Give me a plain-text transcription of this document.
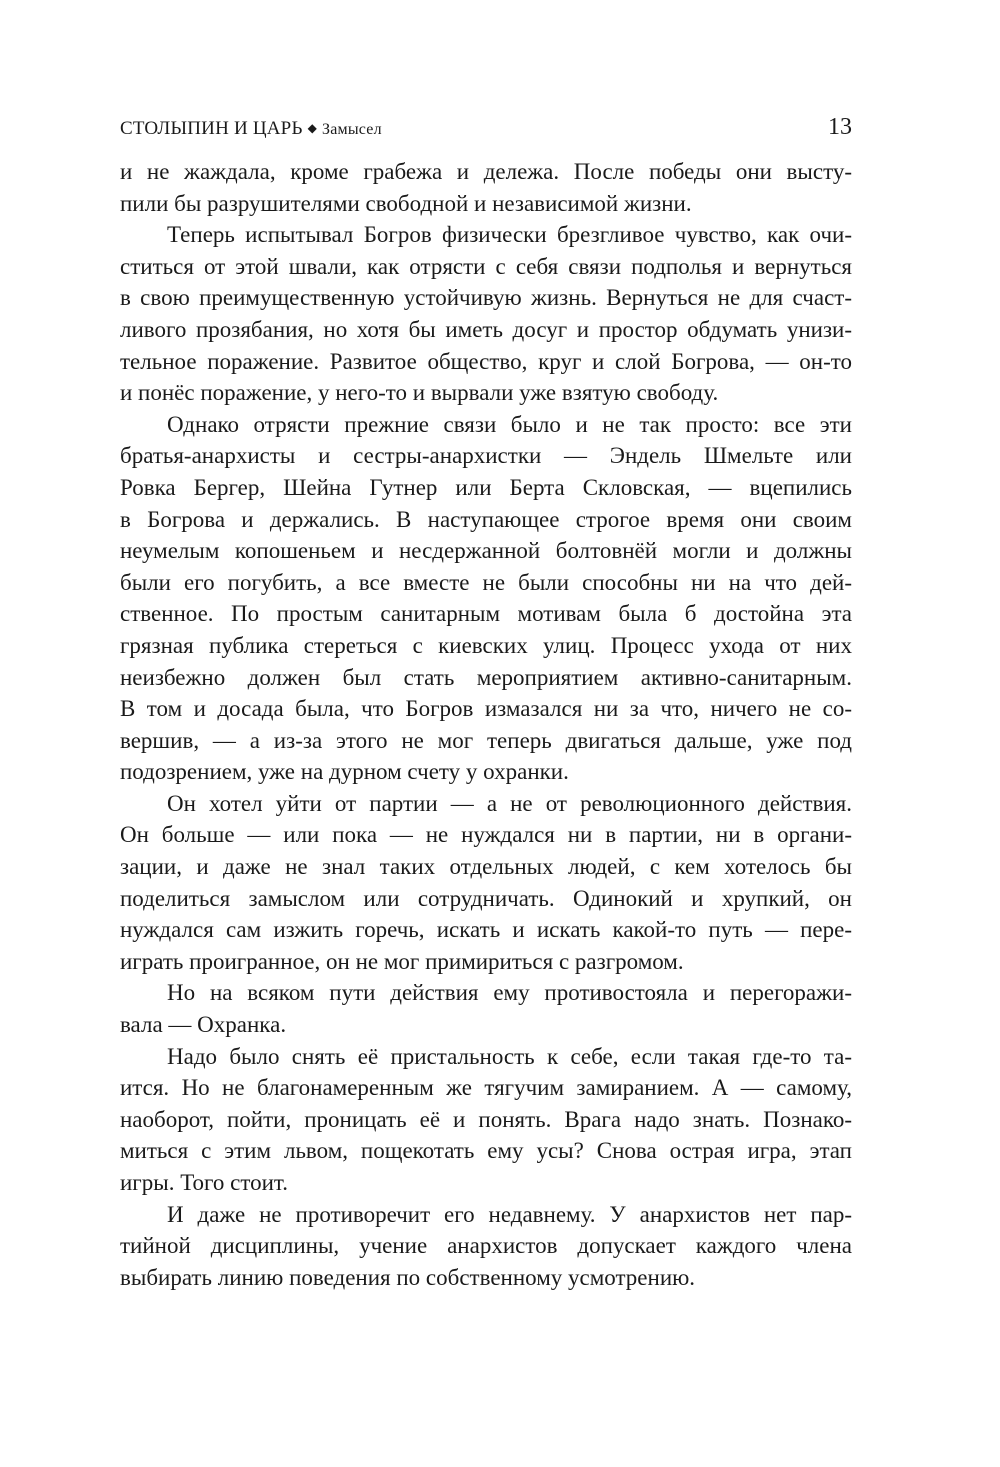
СТОЛЫПИН И ЦАРЬ ◆ Замысел	13
и не жаждала, кроме грабежа и дележа. После победы они высту-
пили бы разрушителями свободной и независимой жизни.
Теперь испытывал Богров физически брезгливое чувство, как очи-
ститься от этой швали, как отрясти с себя связи подполья и вернуться
в свою преимущественную устойчивую жизнь. Вернуться не для счаст-
ливого прозябания, но хотя бы иметь досуг и простор обдумать унизи-
тельное поражение. Развитое общество, круг и слой Богрова, — он-то
и понёс поражение, у него-то и вырвали уже взятую свободу.
Однако отрясти прежние связи было и не так просто: все эти
братья-анархисты и сестры-анархистки — Эндель Шмельте или
Ровка Бергер, Шейна Гутнер или Берта Скловская, — вцепились
в Богрова и держались. В наступающее строгое время они своим
неумелым копошеньем и несдержанной болтовнёй могли и должны
были его погубить, а все вместе не были способны ни на что дей-
ственное. По простым санитарным мотивам была б достойна эта
грязная публика стереться с киевских улиц. Процесс ухода от них
неизбежно должен был стать мероприятием активно-санитарным.
В том и досада была, что Богров измазался ни за что, ничего не со-
вершив, — а из-за этого не мог теперь двигаться дальше, уже под
подозрением, уже на дурном счету у охранки.
Он хотел уйти от партии — а не от революционного действия.
Он больше — или пока — не нуждался ни в партии, ни в органи-
зации, и даже не знал таких отдельных людей, с кем хотелось бы
поделиться замыслом или сотрудничать. Одинокий и хрупкий, он
нуждался сам изжить горечь, искать и искать какой-то путь — пере-
играть проигранное, он не мог примириться с разгромом.
Но на всяком пути действия ему противостояла и перегоражи-
вала — Охранка.
Надо было снять её пристальность к себе, если такая где-то та-
ится. Но не благонамеренным же тягучим замиранием. А — самому,
наоборот, пойти, проницать её и понять. Врага надо знать. Познако-
миться с этим львом, пощекотать ему усы? Снова острая игра, этап
игры. Того стоит.
И даже не противоречит его недавнему. У анархистов нет пар-
тийной дисциплины, учение анархистов допускает каждого члена
выбирать линию поведения по собственному усмотрению.
